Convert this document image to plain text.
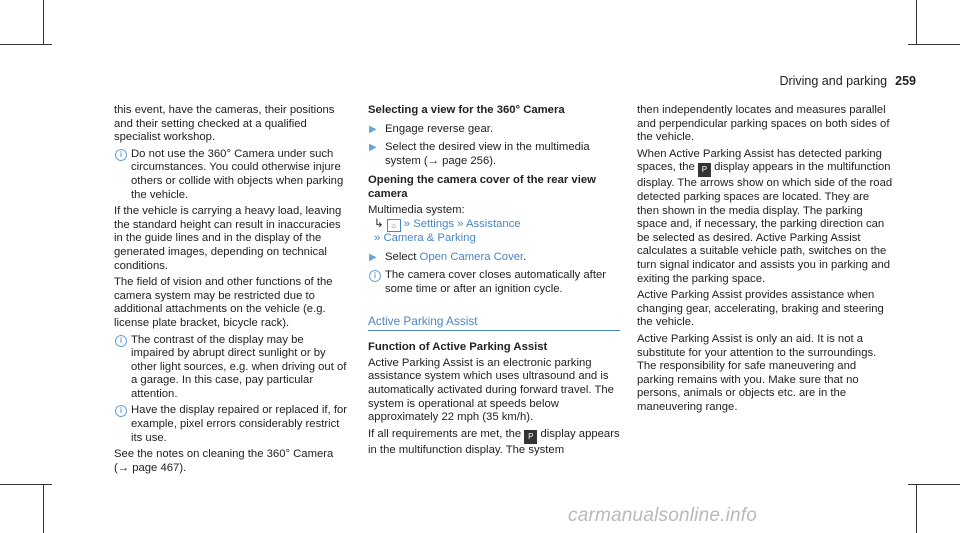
Driving and parking 259

this event, have the cameras, their positions and their setting checked at a qualified specialist workshop.

i Do not use the 360° Camera under such circumstances. You could otherwise injure others or collide with objects when parking the vehicle.

If the vehicle is carrying a heavy load, leaving the standard height can result in inaccuracies in the guide lines and in the display of the generated images, depending on technical conditions.

The field of vision and other functions of the camera system may be restricted due to additional attachments on the vehicle (e.g. license plate bracket, bicycle rack).

i The contrast of the display may be impaired by abrupt direct sunlight or by other light sources, e.g. when driving out of a garage. In this case, pay particular attention.
i Have the display repaired or replaced if, for example, pixel errors considerably restrict its use.

See the notes on cleaning the 360° Camera (→ page 467).

Selecting a view for the 360° Camera
▶ Engage reverse gear.
▶ Select the desired view in the multimedia system (→ page 256).
Opening the camera cover of the rear view camera
Multimedia system:
↳ ⌂ » Settings » Assistance
» Camera & Parking
▶ Select Open Camera Cover.
i The camera cover closes automatically after some time or after an ignition cycle.
Active Parking Assist
Function of Active Parking Assist

Active Parking Assist is an electronic parking assistance system which uses ultrasound and is automatically activated during forward travel. The system is operational at speeds below approximately 22 mph (35 km/h).

If all requirements are met, the P display appears in the multifunction display. The system

then independently locates and measures parallel and perpendicular parking spaces on both sides of the vehicle.

When Active Parking Assist has detected parking spaces, the P display appears in the multifunction display. The arrows show on which side of the road detected parking spaces are located. They are then shown in the media display. The parking space and, if necessary, the parking direction can be selected as desired. Active Parking Assist calculates a suitable vehicle path, switches on the turn signal indicator and assists you in parking and exiting the parking space.

Active Parking Assist provides assistance when changing gear, accelerating, braking and steering the vehicle.

Active Parking Assist is only an aid. It is not a substitute for your attention to the surroundings. The responsibility for safe maneuvering and parking remains with you. Make sure that no persons, animals or objects etc. are in the maneuvering range.

carmanualsonline.info
